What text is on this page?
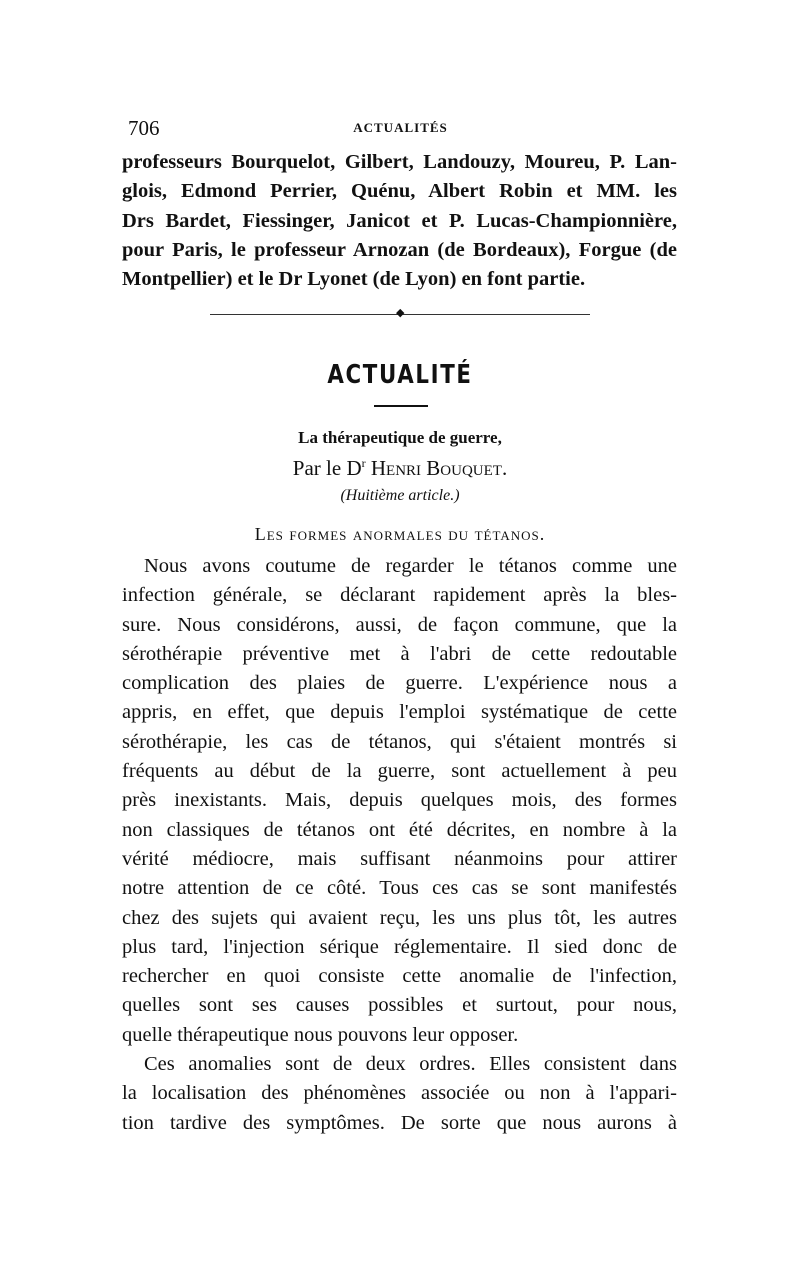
706	ACTUALITÉS

professeurs Bourquelot, Gilbert, Landouzy, Moureu, P. Lan-

glois, Edmond Perrier, Quénu, Albert Robin et MM. les

Drs Bardet, Fiessinger, Janicot et P. Lucas-Championnière,

pour Paris, le professeur Arnozan (de Bordeaux), Forgue (de

Montpellier) et le Dr Lyonet (de Lyon) en font partie.

◆
ACTUALITÉ
La thérapeutique de guerre,
Par le $D^r$ Henri Bouquet.
(Huitième article.)
Les formes anormales du tétanos.

Nous avons coutume de regarder le tétanos comme une

infection générale, se déclarant rapidement après la bles-

sure. Nous considérons, aussi, de façon commune, que la

sérothérapie préventive met à l'abri de cette redoutable

complication des plaies de guerre. L'expérience nous a

appris, en effet, que depuis l'emploi systématique de cette

sérothérapie, les cas de tétanos, qui s'étaient montrés si

fréquents au début de la guerre, sont actuellement à peu

près inexistants. Mais, depuis quelques mois, des formes

non classiques de tétanos ont été décrites, en nombre à la

vérité médiocre, mais suffisant néanmoins pour attirer

notre attention de ce côté. Tous ces cas se sont manifestés

chez des sujets qui avaient reçu, les uns plus tôt, les autres

plus tard, l'injection sérique réglementaire. Il sied donc de

rechercher en quoi consiste cette anomalie de l'infection,

quelles sont ses causes possibles et surtout, pour nous,

quelle thérapeutique nous pouvons leur opposer.

Ces anomalies sont de deux ordres. Elles consistent dans

la localisation des phénomènes associée ou non à l'appari-

tion tardive des symptômes. De sorte que nous aurons à
